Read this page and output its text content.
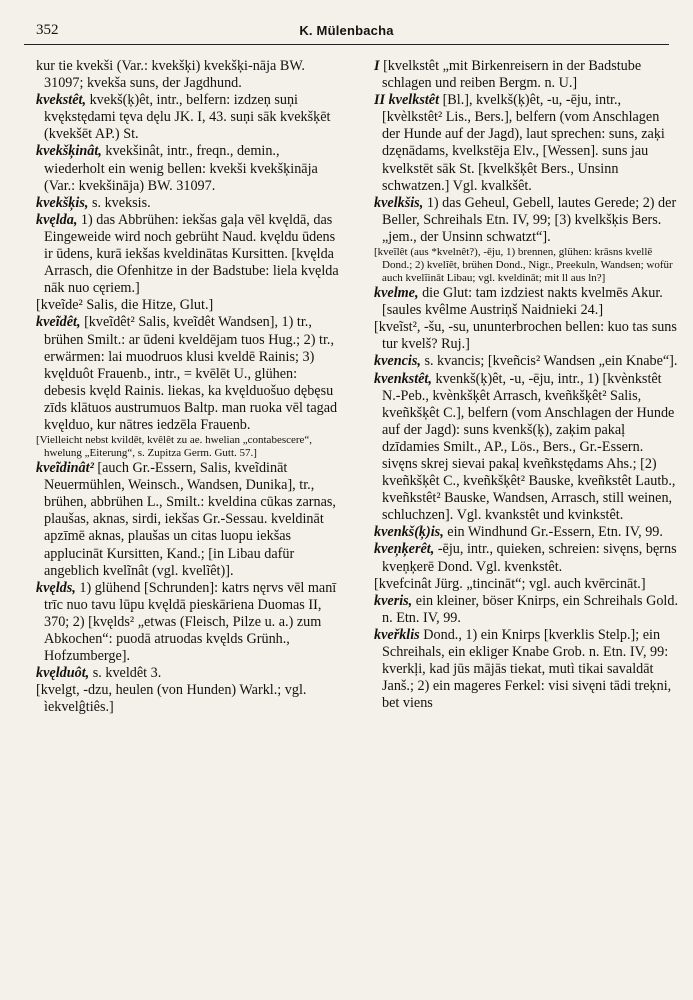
352	K. Mülenbacha

kur tie kvekši (Var.: kvekšķi) kvekšķi-nāja BW. 31097; kvekša suns, der Jagdhund.

kvekstêt, kvekš(ķ)êt, intr., belfern: izdzeņ suņi kvękstędami tęva dęlu JK. I, 43. suņi sāk kvekšķēt (kvekšēt AP.) St.

kvekšķinât, kvekšinât, intr., freqn., demin., wiederholt ein wenig bellen: kvekši kvekšķināja (Var.: kvekšināja) BW. 31097.

kvekšķis, s. kveksis.

kvęlda, 1) das Abbrühen: iekšas gaļa vēl kvęldā, das Eingeweide wird noch gebrüht Naud. kvęldu ūdens ir ūdens, kurā iekšas kveldinātas Kursitten. [kvęlda Arrasch, die Ofenhitze in der Badstube: liela kvęlda nāk nuo cęriem.]

[kveĩde² Salis, die Hitze, Glut.]

kveĩdêt, [kveĩdêt² Salis, kveĩdêt Wandsen], 1) tr., brühen Smilt.: ar ūdeni kveldējam tuos Hug.; 2) tr., erwärmen: lai muodruos klusi kveldē Rainis; 3) kvęlduôt Frauenb., intr., = kvēlēt U., glühen: debesis kvęld Rainis. liekas, ka kvęlduošuo dębęsu zīds klātuos austrumuos Baltp. man ruoka vēl tagad kvęlduo, kur nātres iedzēla Frauenb.

[Vielleicht nebst kvildēt, kvêlêt zu ae. hwelian „contabescere“, hwelung „Eiterung“, s. Zupitza Germ. Gutt. 57.]

kveĩdinât² [auch Gr.-Essern, Salis, kveĩdināt Neuermühlen, Weinsch., Wandsen, Dunika], tr., brühen, abbrühen L., Smilt.: kveldina cūkas zarnas, plaušas, aknas, sirdi, iekšas Gr.-Sessau. kveldināt apzīmē aknas, plaušas un citas luopu iekšas applucināt Kursitten, Kand.; [in Libau dafür angeblich kvelĩnât (vgl. kvelĩêt)].

kvęlds, 1) glühend [Schrunden]: katrs nęrvs vēl manī trīc nuo tavu lūpu kvęldā pieskāriena Duomas II, 370; 2) [kvęlds² „etwas (Fleisch, Pilze u. a.) zum Abkochen“: puodā atruodas kvęlds Grünh., Hofzumberge].

kvęlduôt, s. kveldêt 3.

[kvelgt, -dzu, heulen (von Hunden) Warkl.; vgl. ìekvelĝtiês.]

I [kvelkstêt „mit Birkenreisern in der Badstube schlagen und reiben Bergm. n. U.]

II kvelkstêt [Bl.], kvelkš(ķ)êt, -u, -ēju, intr., [kvèlkstêt² Lis., Bers.], belfern (vom Anschlagen der Hunde auf der Jagd), laut sprechen: suns, zaķi dzęnādams, kvelkstēja Elv., [Wessen]. suns jau kvelkstēt sāk St. [kvelkšķêt Bers., Unsinn schwatzen.] Vgl. kvalkšêt.

kvelkšis, 1) das Geheul, Gebell, lautes Gerede; 2) der Beller, Schreihals Etn. IV, 99; [3) kvelkšķis Bers. „jem., der Unsinn schwatzt“].

[kveĩlêt (aus *kvelnêt?), -ēju, 1) brennen, glühen: krāsns kvellē Dond.; 2) kvelĩêt, brühen Dond., Nigr., Preekuln, Wandsen; wofür auch kvelĩināt Libau; vgl. kveldināt; mit ll aus ln?]

kvelme, die Glut: tam izdziest nakts kvelmēs Akur. [saules kvêlme Austriņš Naidnieki 24.]

[kveĩst², -šu, -su, ununterbrochen bellen: kuo tas suns tur kvelš? Ruj.]

kvencis, s. kvancis; [kveñcis² Wandsen „ein Knabe“].

kvenkstêt, kvenkš(ķ)êt, -u, -ēju, intr., 1) [kvènkstêt N.-Peb., kvènkšķêt Arrasch, kveñkšķêt² Salis, kveñkšķêt C.], belfern (vom Anschlagen der Hunde auf der Jagd): suns kvenkš(ķ), zaķim pakaļ dzīdamies Smilt., AP., Lös., Bers., Gr.-Essern. sivęns skrej sievai pakaļ kveñkstędams Ahs.; [2) kveñkšķêt C., kveñkšķêt² Bauske, kveñkstêt Lautb., kveñkstêt² Bauske, Wandsen, Arrasch, still weinen, schluchzen]. Vgl. kvankstêt und kvinkstêt.

kvenkš(ķ)is, ein Windhund Gr.-Essern, Etn. IV, 99.

kveņķerêt, -ēju, intr., quieken, schreien: sivęns, bęrns kveņķerē Dond. Vgl. kvenkstêt.

[kvefcinât Jürg. „tincināt“; vgl. auch kvērcināt.]

kveris, ein kleiner, böser Knirps, ein Schreihals Gold. n. Etn. IV, 99.

kveřklis Dond., 1) ein Knirps [kverklis Stelp.]; ein Schreihals, ein ekliger Knabe Grob. n. Etn. IV, 99: kverkļi, kad jūs mājās tiekat, mutì tikai savaldāt Janš.; 2) ein mageres Ferkel: visi sivęni tādi treķni, bet viens
